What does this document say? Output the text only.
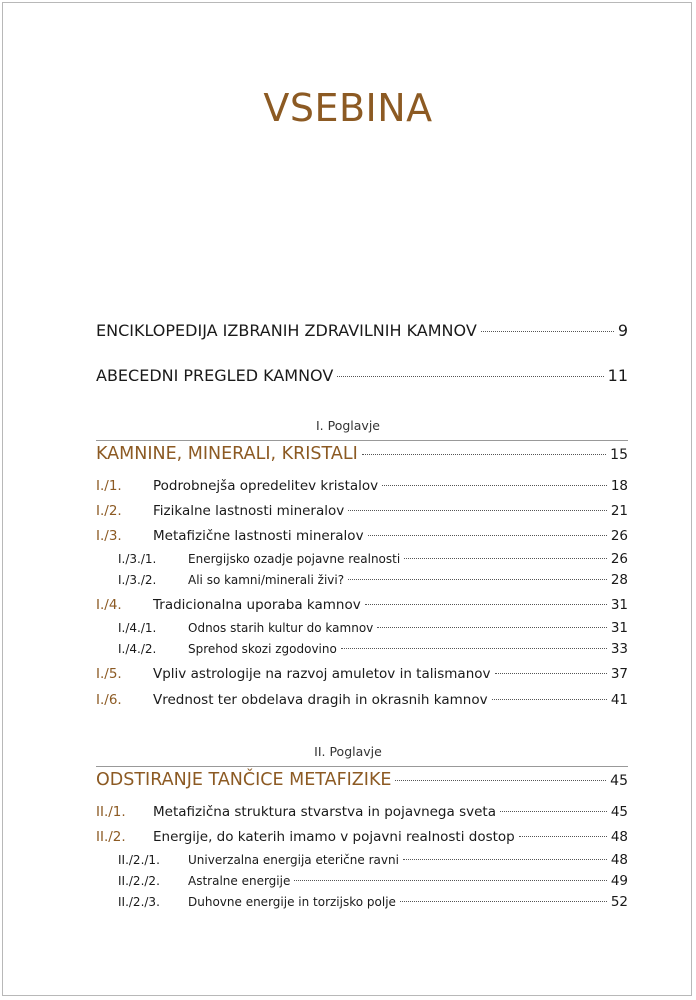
VSEBINA
ENCIKLOPEDIJA IZBRANIH ZDRAVILNIH KAMNOV	9
ABECEDNI PREGLED KAMNOV	11
I. Poglavje
KAMNINE, MINERALI, KRISTALI	15
I./1.	Podrobnejša opredelitev kristalov	18
I./2.	Fizikalne lastnosti mineralov	21
I./3.	Metafizične lastnosti mineralov	26
I./3./1.	Energijsko ozadje pojavne realnosti	26
I./3./2.	Ali so kamni/minerali živi?	28
I./4.	Tradicionalna uporaba kamnov	31
I./4./1.	Odnos starih kultur do kamnov	31
I./4./2.	Sprehod skozi zgodovino	33
I./5.	Vpliv astrologije na razvoj amuletov in talismanov	37
I./6.	Vrednost ter obdelava dragih in okrasnih kamnov	41
II. Poglavje
ODSTIRANJE TANČICE METAFIZIKE	45
II./1.	Metafizična struktura stvarstva in pojavnega sveta	45
II./2.	Energije, do katerih imamo v pojavni realnosti dostop	48
II./2./1.	Univerzalna energija eterične ravni	48
II./2./2.	Astralne energije	49
II./2./3.	Duhovne energije in torzijsko polje	52
